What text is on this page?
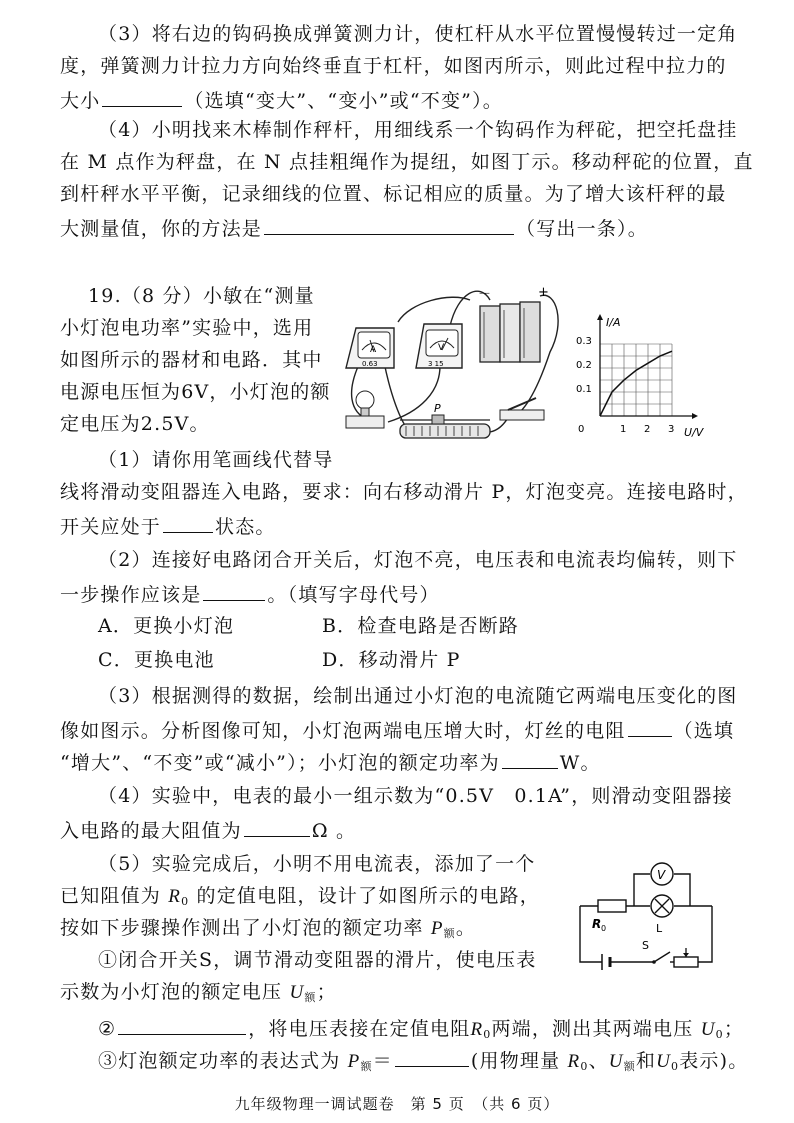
（3）将右边的钩码换成弹簧测力计，使杠杆从水平位置慢慢转过一定角
度，弹簧测力计拉力方向始终垂直于杠杆，如图丙所示，则此过程中拉力的
大小	（选填“变大”、“变小”或“不变”）。
（4）小明找来木棒制作秤杆，用细线系一个钩码作为秤砣，把空托盘挂
在 M 点作为秤盘，在 N 点挂粗绳作为提纽，如图丁示。移动秤砣的位置，直
到杆秤水平平衡，记录细线的位置、标记相应的质量。为了增大该杆秤的最
大测量值，你的方法是	（写出一条）。
19.（8 分）小敏在“测量
小灯泡电功率”实验中，选用
如图所示的器材和电路．其中
电源电压恒为6V，小灯泡的额
定电压为2.5V。
（1）请你用笔画线代替导
A
0.63
V
3 15
－	+
P
I/A
U/V
0.3
0.2
0.1
0	1 2 3
线将滑动变阻器连入电路，要求：向右移动滑片 P，灯泡变亮。连接电路时，
开关应处于	状态。
（2）连接好电路闭合开关后，灯泡不亮，电压表和电流表均偏转，则下
一步操作应该是	。（填写字母代号）
A．更换小灯泡	B．检查电路是否断路
C．更换电池	D．移动滑片 P
（3）根据测得的数据，绘制出通过小灯泡的电流随它两端电压变化的图
像如图示。分析图像可知，小灯泡两端电压增大时，灯丝的电阻	（选填
“增大”、“不变”或“减小”）；小灯泡的额定功率为	W。
（4）实验中，电表的最小一组示数为“0.5V　0.1A”，则滑动变阻器接
入电路的最大阻值为	Ω 。
（5）实验完成后，小明不用电流表，添加了一个
已知阻值为 $R_0$ 的定值电阻，设计了如图所示的电路，
按如下步骤操作测出了小灯泡的额定功率 $P_额$。
V
R 0	L
S
①闭合开关S，调节滑动变阻器的滑片，使电压表
示数为小灯泡的额定电压 $U_额$；
②	，将电压表接在定值电阻$R_0$两端，测出其两端电压 $U_0$；
③灯泡额定功率的表达式为 $P_额=$	(用物理量 $R_0$、$U_额$和$U_0$表示)。
九年级物理一调试题卷　第 5 页　（共 6 页）
